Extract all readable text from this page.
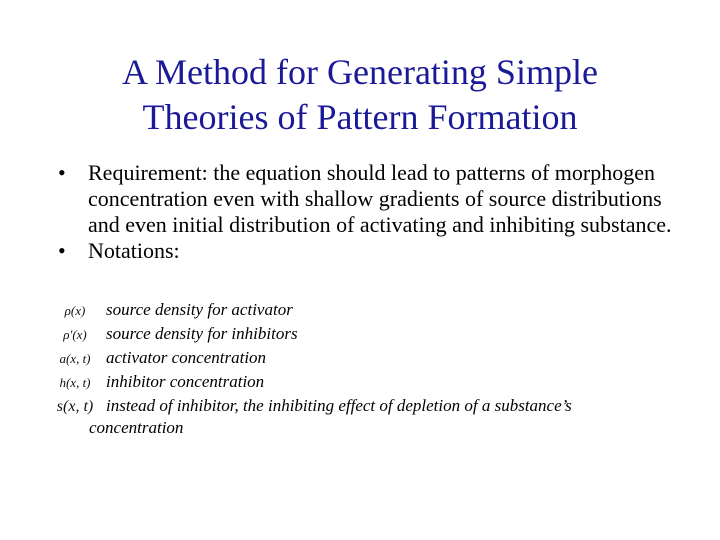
A Method for Generating Simple
Theories of Pattern Formation
• Requirement: the equation should lead to patterns of morphogen concentration even with shallow gradients of source distributions and even initial distribution of activating and inhibiting substance.
• Notations:
ρ(x)	source density for activator
ρ′(x)	source density for inhibitors
a(x, t) activator concentration
h(x, t) inhibitor concentration
s(x, t) instead of inhibitor, the inhibiting effect of depletion of a substance’s
concentration
